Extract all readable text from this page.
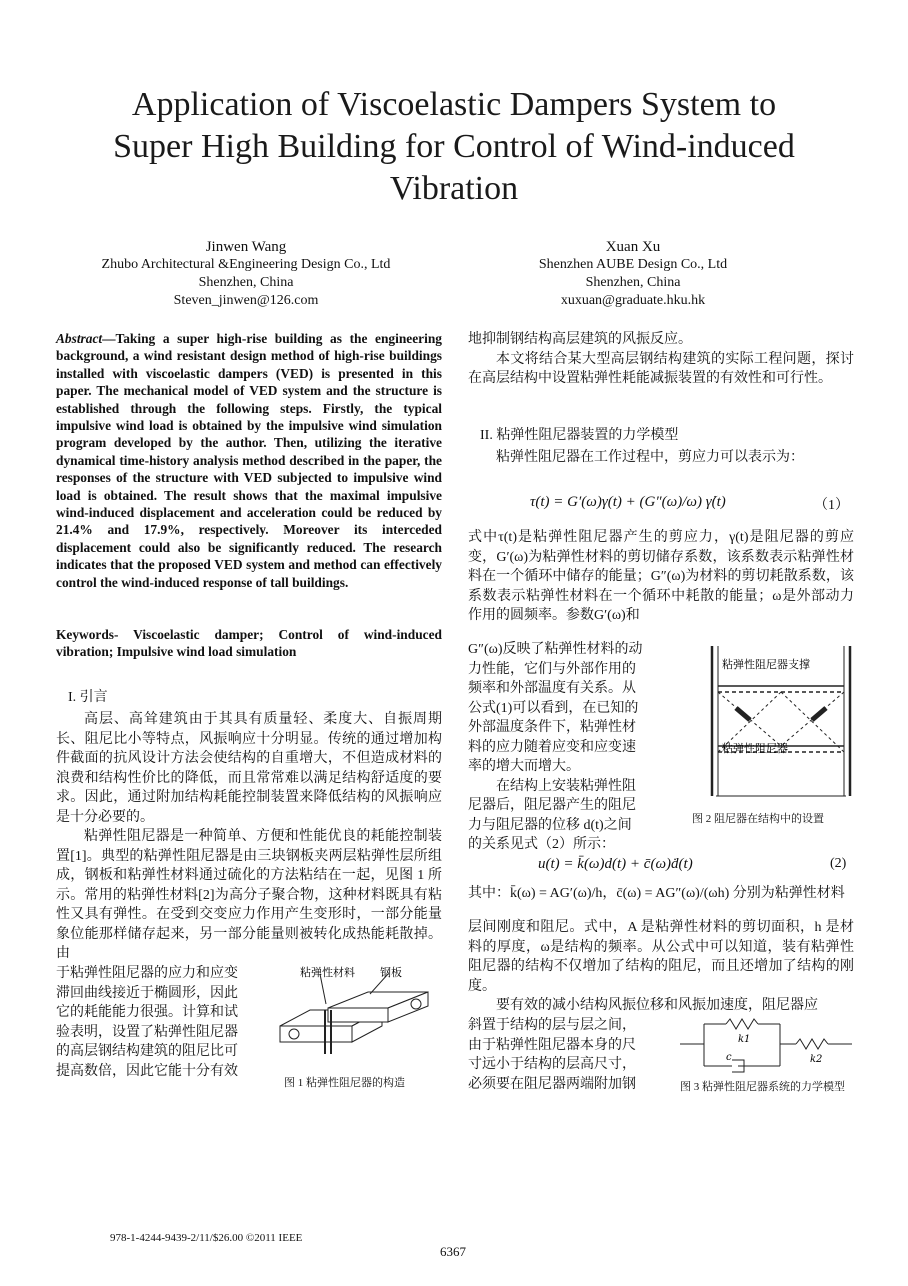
Application of Viscoelastic Dampers System to
Super High Building for Control of Wind-induced
Vibration
Jinwen Wang
Zhubo Architectural &Engineering Design Co., Ltd
Shenzhen, China
Steven_jinwen@126.com
Xuan Xu
Shenzhen AUBE Design Co., Ltd
Shenzhen, China
xuxuan@graduate.hku.hk
Abstract—Taking a super high-rise building as the engineering background, a wind resistant design method of high-rise buildings installed with viscoelastic dampers (VED) is presented in this paper. The mechanical model of VED system and the structure is established through the following steps. Firstly, the typical impulsive wind load is obtained by the impulsive wind simulation program developed by the author. Then, utilizing the iterative dynamical time-history analysis method described in the paper, the responses of the structure with VED subjected to impulsive wind load is obtained. The result shows that the maximal impulsive wind-induced displacement and acceleration could be reduced by 21.4% and 17.9%, respectively. Moreover its interceded displacement could also be significantly reduced. The research indicates that the proposed VED system and method can effectively control the wind-induced response of tall buildings.
Keywords- Viscoelastic damper; Control of wind-induced vibration; Impulsive wind load simulation
I. 引言

高层、高耸建筑由于其具有质量轻、柔度大、自振周期长、阻尼比小等特点，风振响应十分明显。传统的通过增加构件截面的抗风设计方法会使结构的自重增大，不但造成材料的浪费和结构性价比的降低，而且常常难以满足结构舒适度的要求。因此，通过附加结构耗能控制装置来降低结构的风振响应是十分必要的。

粘弹性阻尼器是一种简单、方便和性能优良的耗能控制装置[1]。典型的粘弹性阻尼器是由三块钢板夹两层粘弹性层所组成，钢板和粘弹性材料通过硫化的方法粘结在一起，见图 1 所示。常用的粘弹性材料[2]为高分子聚合物，这种材料既具有粘性又具有弹性。在受到交变应力作用产生变形时，一部分能量象位能那样储存起来，另一部分能量则被转化成热能耗散掉。由

于粘弹性阻尼器的应力和应变
滞回曲线接近于椭圆形，因此
它的耗能能力很强。计算和试
验表明，设置了粘弹性阻尼器
的高层钢结构建筑的阻尼比可
提高数倍，因此它能十分有效
粘弹性材料 钢板
图 1 粘弹性阻尼器的构造

地抑制钢结构高层建筑的风振反应。

本文将结合某大型高层钢结构建筑的实际工程问题，探讨在高层结构中设置粘弹性耗能减振装置的有效性和可行性。

II. 粘弹性阻尼器装置的力学模型

粘弹性阻尼器在工作过程中，剪应力可以表示为：

τ(t) = G′(ω)γ(t) + (G″(ω)/ω) γ̇(t)	（1）

式中τ(t)是粘弹性阻尼器产生的剪应力，γ(t)是阻尼器的剪应变，G′(ω)为粘弹性材料的剪切储存系数，该系数表示粘弹性材料在一个循环中储存的能量；G″(ω)为材料的剪切耗散系数，该系数表示粘弹性材料在一个循环中耗散的能量；ω是外部动力作用的圆频率。参数G′(ω)和

G″(ω)反映了粘弹性材料的动
力性能，它们与外部作用的
频率和外部温度有关系。从
公式(1)可以看到，在已知的
外部温度条件下，粘弹性材
料的应力随着应变和应变速
率的增大而增大。
在结构上安装粘弹性阻
尼器后，阻尼器产生的阻尼
力与阻尼器的位移 d(t)之间
的关系见式（2）所示：
粘弹性阻尼器支撑
粘弹性阻尼器
图 2 阻尼器在结构中的设置
u(t) = k̄(ω)d(t) + c̄(ω)ḋ(t)	(2)
其中：k̄(ω) = AG′(ω)/h，c̄(ω) = AG″(ω)/(ωh) 分别为粘弹性材料

层间刚度和阻尼。式中，A 是粘弹性材料的剪切面积，h 是材料的厚度，ω是结构的频率。从公式中可以知道，装有粘弹性阻尼器的结构不仅增加了结构的阻尼，而且还增加了结构的刚度。

要有效的减小结构风振位移和风振加速度，阻尼器应

斜置于结构的层与层之间，
由于粘弹性阻尼器本身的尺
寸远小于结构的层高尺寸，
必须要在阻尼器两端附加钢
k1
c	k2
图 3 粘弹性阻尼器系统的力学模型
978-1-4244-9439-2/11/$26.00 ©2011 IEEE
6367
